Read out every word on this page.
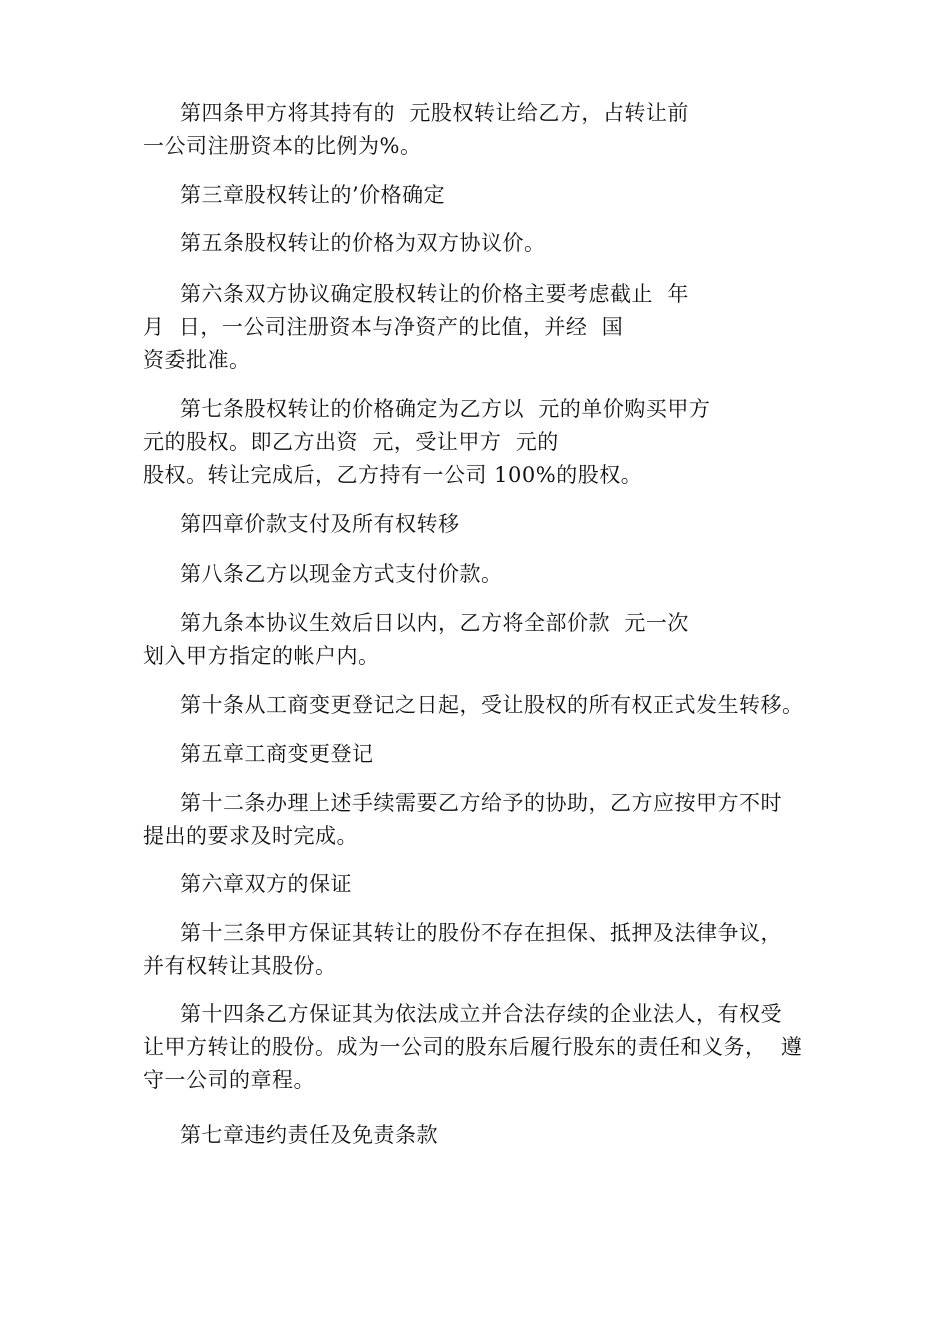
第四条甲方将其持有的  元股权转让给乙方，占转让前
一公司注册资本的比例为%。
第三章股权转让的’价格确定
第五条股权转让的价格为双方协议价。
第六条双方协议确定股权转让的价格主要考虑截止  年
月  日，一公司注册资本与净资产的比值，并经  国
资委批准。
第七条股权转让的价格确定为乙方以  元的单价购买甲方
元的股权。即乙方出资  元，受让甲方  元的
股权。转让完成后，乙方持有一公司 100%的股权。
第四章价款支付及所有权转移
第八条乙方以现金方式支付价款。
第九条本协议生效后日以内，乙方将全部价款  元一次
划入甲方指定的帐户内。
第十条从工商变更登记之日起，受让股权的所有权正式发生转移。
第五章工商变更登记
第十二条办理上述手续需要乙方给予的协助，乙方应按甲方不时
提出的要求及时完成。
第六章双方的保证
第十三条甲方保证其转让的股份不存在担保、抵押及法律争议，
并有权转让其股份。
第十四条乙方保证其为依法成立并合法存续的企业法人，有权受
让甲方转让的股份。成为一公司的股东后履行股东的责任和义务，  遵
守一公司的章程。
第七章违约责任及免责条款
